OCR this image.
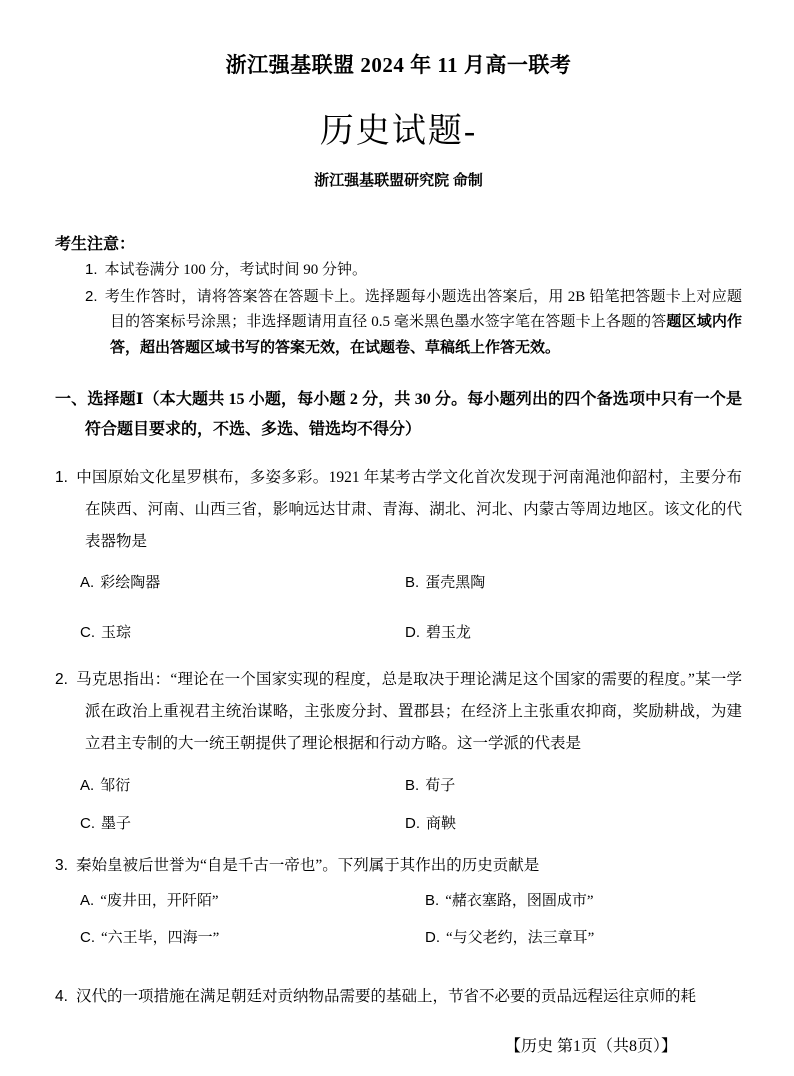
浙江强基联盟 2024 年 11 月高一联考
历史试题-
浙江强基联盟研究院 命制
考生注意：
1. 本试卷满分 100 分，考试时间 90 分钟。
2. 考生作答时，请将答案答在答题卡上。选择题每小题选出答案后，用 2B 铅笔把答题卡上对应题目的答案标号涂黑；非选择题请用直径 0.5 毫米黑色墨水签字笔在答题卡上各题的答题区域内作答，超出答题区域书写的答案无效，在试题卷、草稿纸上作答无效。
一、选择题Ⅰ（本大题共 15 小题，每小题 2 分，共 30 分。每小题列出的四个备选项中只有一个是符合题目要求的，不选、多选、错选均不得分）
1. 中国原始文化星罗棋布，多姿多彩。1921 年某考古学文化首次发现于河南渑池仰韶村，主要分布在陕西、河南、山西三省，影响远达甘肃、青海、湖北、河北、内蒙古等周边地区。该文化的代表器物是
A. 彩绘陶器	B. 蛋壳黑陶
C. 玉琮	D. 碧玉龙
2. 马克思指出：“理论在一个国家实现的程度，总是取决于理论满足这个国家的需要的程度。”某一学派在政治上重视君主统治谋略，主张废分封、置郡县；在经济上主张重农抑商，奖励耕战，为建立君主专制的大一统王朝提供了理论根据和行动方略。这一学派的代表是
A. 邹衍	B. 荀子
C. 墨子	D. 商鞅
3. 秦始皇被后世誉为“自是千古一帝也”。下列属于其作出的历史贡献是
A. “废井田，开阡陌”	B. “赭衣塞路，囹圄成市”
C. “六王毕，四海一”	D. “与父老约，法三章耳”
4. 汉代的一项措施在满足朝廷对贡纳物品需要的基础上，节省不必要的贡品远程运往京师的耗
【历史 第1页（共8页）】
